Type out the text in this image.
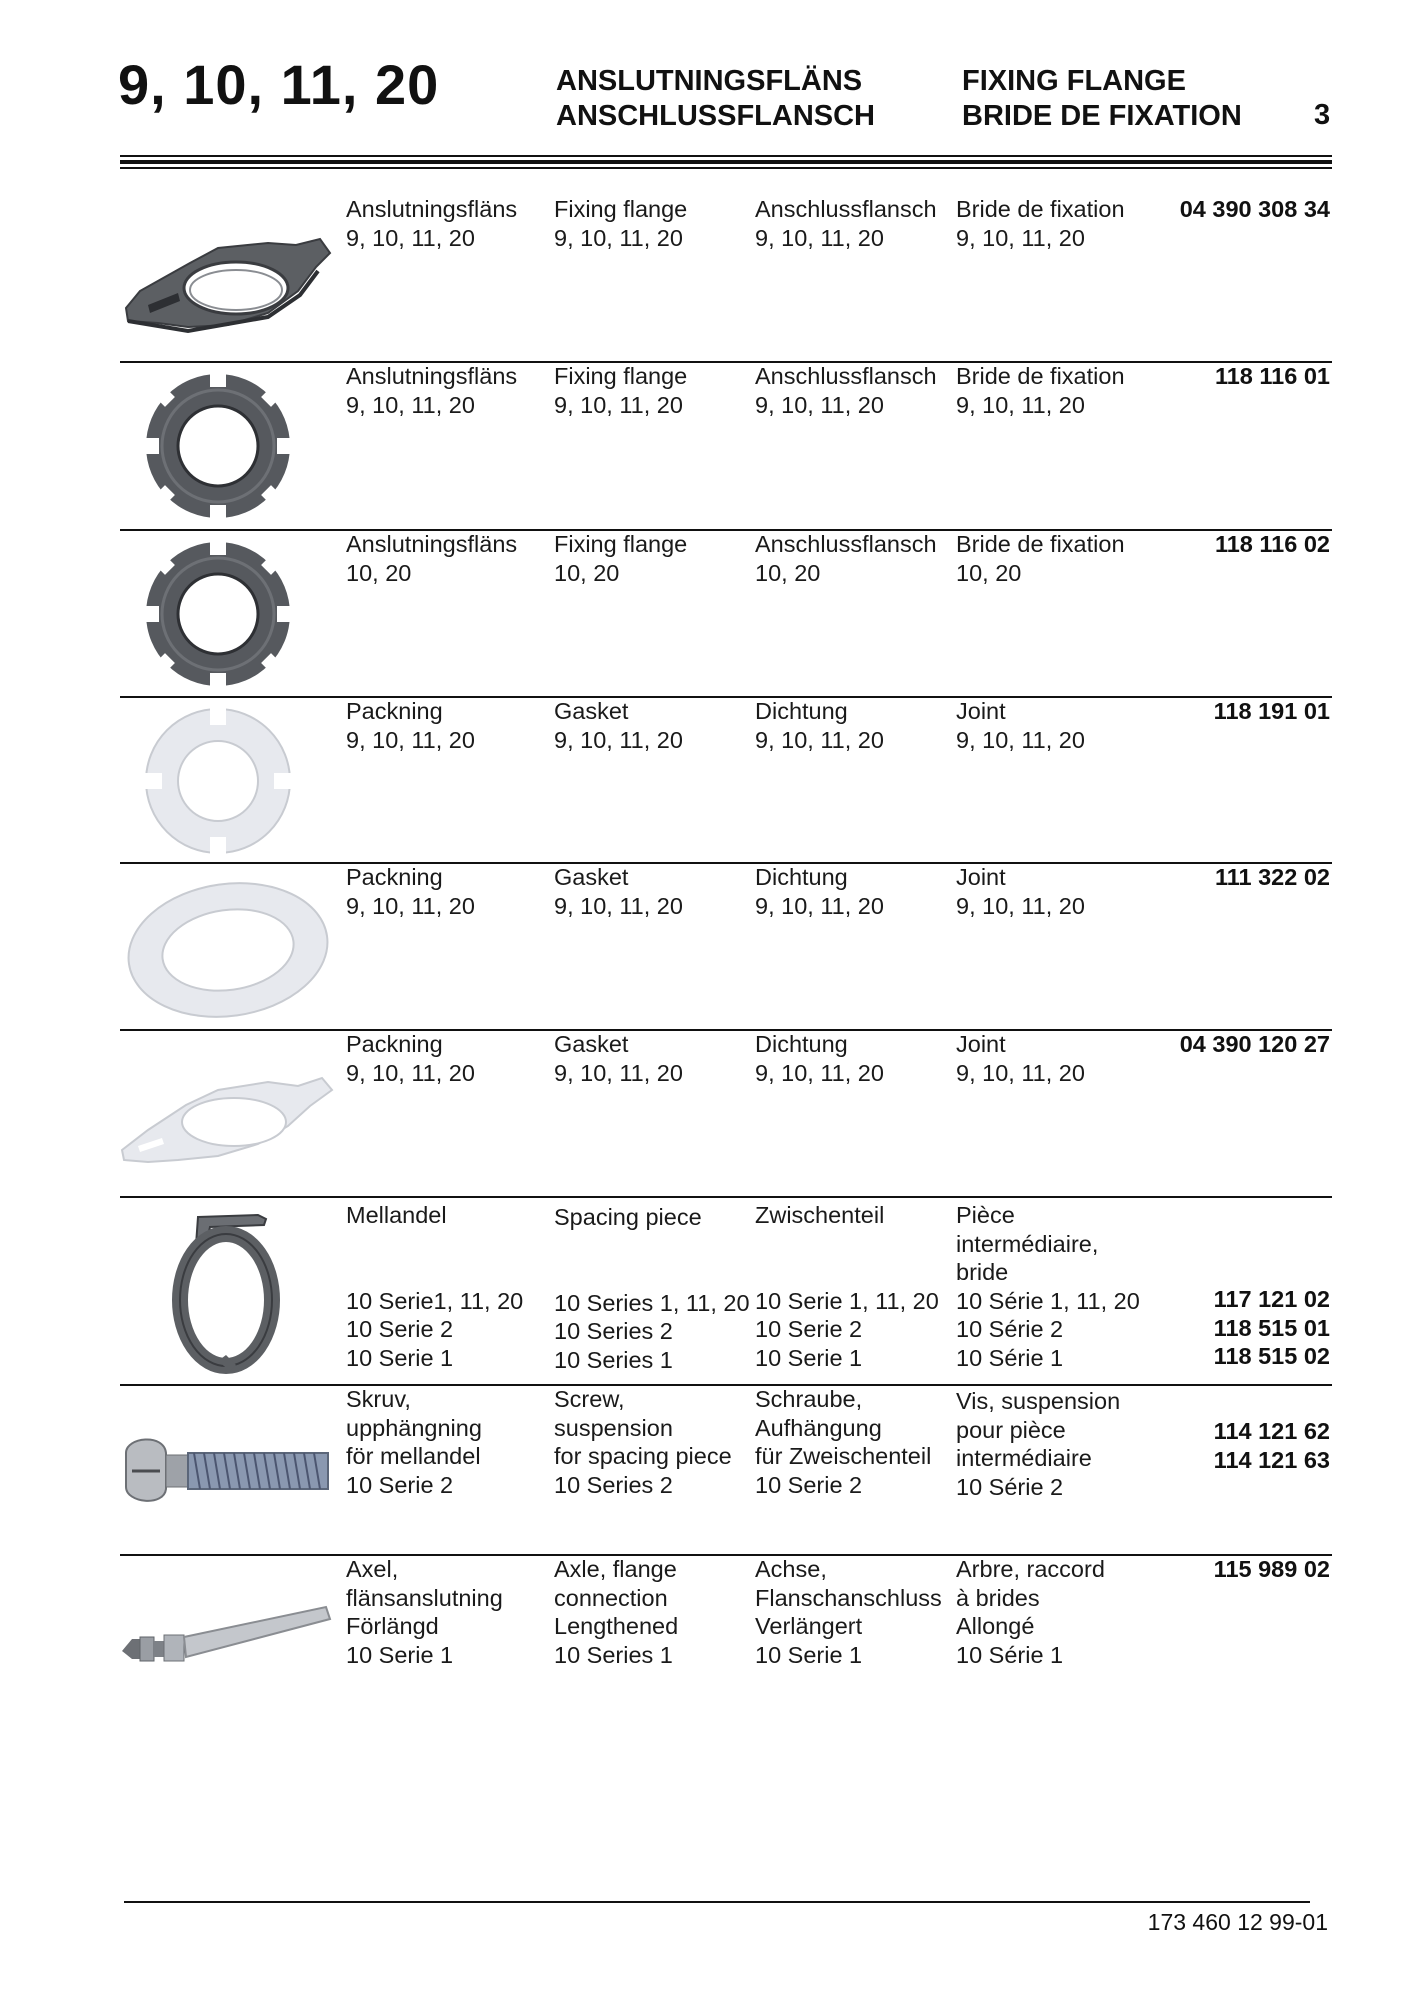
9, 10, 11, 20	ANSLUTNINGSFLÄNS
ANSCHLUSSFLANSCH
FIXING FLANGE
BRIDE DE FIXATION 3
Anslutningsfläns
9, 10, 11, 20
Fixing flange
9, 10, 11, 20
Anschlussflansch
9, 10, 11, 20
Bride de fixation
9, 10, 11, 20
04 390 308 34
Anslutningsfläns
9, 10, 11, 20
Fixing flange
9, 10, 11, 20
Anschlussflansch
9, 10, 11, 20
Bride de fixation
9, 10, 11, 20
118 116 01
Anslutningsfläns
10, 20
Fixing flange
10, 20
Anschlussflansch
10, 20
Bride de fixation
10, 20
118 116 02
Packning
9, 10, 11, 20
Gasket
9, 10, 11, 20
Dichtung
9, 10, 11, 20
Joint
9, 10, 11, 20
118 191 01
Packning
9, 10, 11, 20
Gasket
9, 10, 11, 20
Dichtung
9, 10, 11, 20
Joint
9, 10, 11, 20
111 322 02
Packning
9, 10, 11, 20
Gasket
9, 10, 11, 20
Dichtung
9, 10, 11, 20
Joint
9, 10, 11, 20
04 390 120 27
Mellandel

10 Serie1, 11, 20
10 Serie 2
10 Serie 1
Spacing piece

10 Series 1, 11, 20
10 Series 2
10 Series 1
Zwischenteil

10 Serie 1, 11, 20
10 Serie 2
10 Serie 1
Pièce
intermédiaire,
bride
10 Série 1, 11, 20
10 Série 2
10 Série 1
117 121 02
118 515 01
118 515 02
Skruv,
upphängning
för mellandel
10 Serie 2
Screw,
suspension
for spacing piece
10 Series 2
Schraube,
Aufhängung
für Zweischenteil
10 Serie 2
Vis, suspension
pour pièce
intermédiaire
10 Série 2
114 121 62
114 121 63
Axel,
flänsanslutning
Förlängd
10 Serie 1
Axle, flange
connection
Lengthened
10 Series 1
Achse,
Flanschanschluss
Verlängert
10 Serie 1
Arbre, raccord
à brides
Allongé
10 Série 1
115 989 02
173 460 12 99-01
